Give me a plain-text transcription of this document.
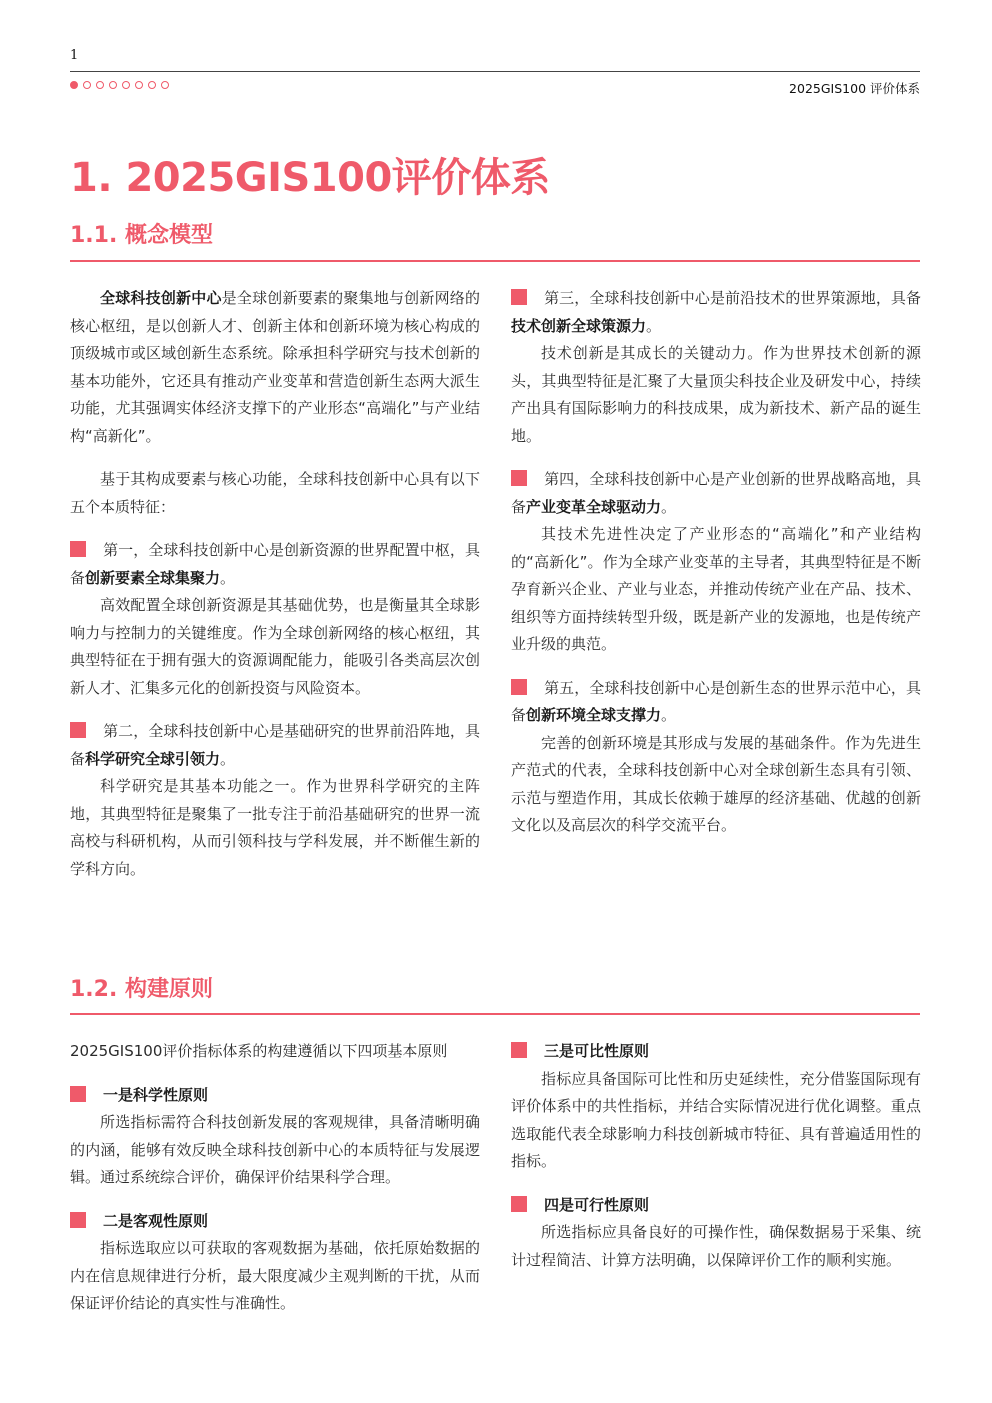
1
2025GIS100 评价体系
1. 2025GIS100评价体系
1.1. 概念模型

全球科技创新中心是全球创新要素的聚集地与创新网络的核心枢纽，是以创新人才、创新主体和创新环境为核心构成的顶级城市或区域创新生态系统。除承担科学研究与技术创新的基本功能外，它还具有推动产业变革和营造创新生态两大派生功能，尤其强调实体经济支撑下的产业形态“高端化”与产业结构“高新化”。

基于其构成要素与核心功能，全球科技创新中心具有以下五个本质特征：

第一，全球科技创新中心是创新资源的世界配置中枢，具备创新要素全球集聚力。

高效配置全球创新资源是其基础优势，也是衡量其全球影响力与控制力的关键维度。作为全球创新网络的核心枢纽，其典型特征在于拥有强大的资源调配能力，能吸引各类高层次创新人才、汇集多元化的创新投资与风险资本。

第二，全球科技创新中心是基础研究的世界前沿阵地，具备科学研究全球引领力。

科学研究是其基本功能之一。作为世界科学研究的主阵地，其典型特征是聚集了一批专注于前沿基础研究的世界一流高校与科研机构，从而引领科技与学科发展，并不断催生新的学科方向。

第三，全球科技创新中心是前沿技术的世界策源地，具备技术创新全球策源力。

技术创新是其成长的关键动力。作为世界技术创新的源头，其典型特征是汇聚了大量顶尖科技企业及研发中心，持续产出具有国际影响力的科技成果，成为新技术、新产品的诞生地。

第四，全球科技创新中心是产业创新的世界战略高地，具备产业变革全球驱动力。

其技术先进性决定了产业形态的“高端化”和产业结构的“高新化”。作为全球产业变革的主导者，其典型特征是不断孕育新兴企业、产业与业态，并推动传统产业在产品、技术、组织等方面持续转型升级，既是新产业的发源地，也是传统产业升级的典范。

第五，全球科技创新中心是创新生态的世界示范中心，具备创新环境全球支撑力。

完善的创新环境是其形成与发展的基础条件。作为先进生产范式的代表，全球科技创新中心对全球创新生态具有引领、示范与塑造作用，其成长依赖于雄厚的经济基础、优越的创新文化以及高层次的科学交流平台。

1.2. 构建原则

2025GIS100评价指标体系的构建遵循以下四项基本原则

一是科学性原则

所选指标需符合科技创新发展的客观规律，具备清晰明确的内涵，能够有效反映全球科技创新中心的本质特征与发展逻辑。通过系统综合评价，确保评价结果科学合理。

二是客观性原则

指标选取应以可获取的客观数据为基础，依托原始数据的内在信息规律进行分析，最大限度减少主观判断的干扰，从而保证评价结论的真实性与准确性。

三是可比性原则

指标应具备国际可比性和历史延续性，充分借鉴国际现有评价体系中的共性指标，并结合实际情况进行优化调整。重点选取能代表全球影响力科技创新城市特征、具有普遍适用性的指标。

四是可行性原则

所选指标应具备良好的可操作性，确保数据易于采集、统计过程简洁、计算方法明确，以保障评价工作的顺利实施。
